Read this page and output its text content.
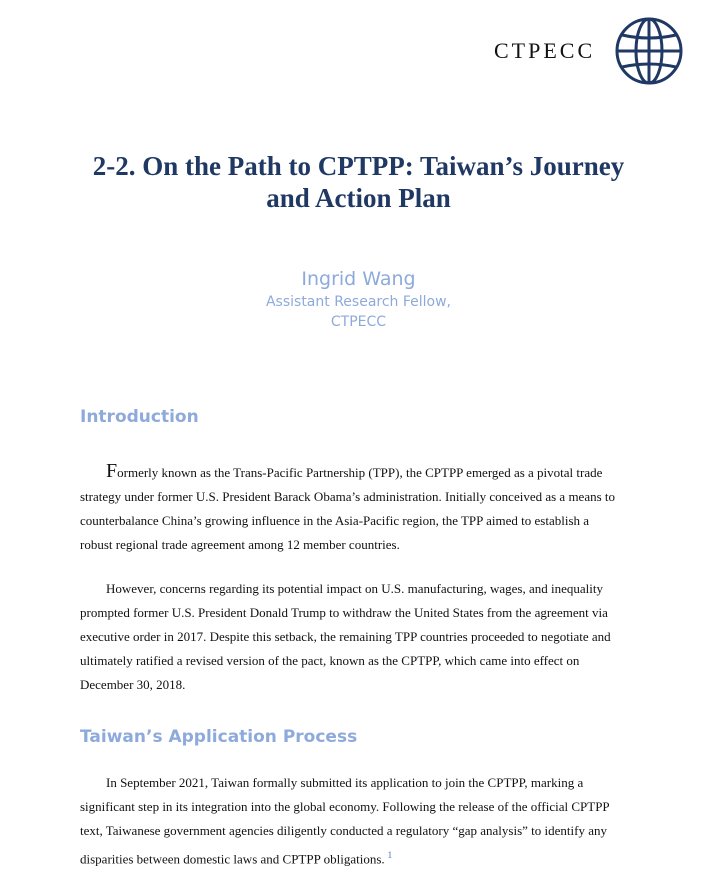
CTPECC
2-2. On the Path to CPTPP: Taiwan’s Journey
and Action Plan
Ingrid Wang
Assistant Research Fellow,
CTPECC
Introduction
Formerly known as the Trans-Pacific Partnership (TPP), the CPTPP emerged as a pivotal trade
strategy under former U.S. President Barack Obama’s administration. Initially conceived as a means to
counterbalance China’s growing influence in the Asia-Pacific region, the TPP aimed to establish a
robust regional trade agreement among 12 member countries.
However, concerns regarding its potential impact on U.S. manufacturing, wages, and inequality
prompted former U.S. President Donald Trump to withdraw the United States from the agreement via
executive order in 2017. Despite this setback, the remaining TPP countries proceeded to negotiate and
ultimately ratified a revised version of the pact, known as the CPTPP, which came into effect on
December 30, 2018.
Taiwan’s Application Process
In September 2021, Taiwan formally submitted its application to join the CPTPP, marking a
significant step in its integration into the global economy. Following the release of the official CPTPP
text, Taiwanese government agencies diligently conducted a regulatory “gap analysis” to identify any
disparities between domestic laws and CPTPP obligations. $^1$
